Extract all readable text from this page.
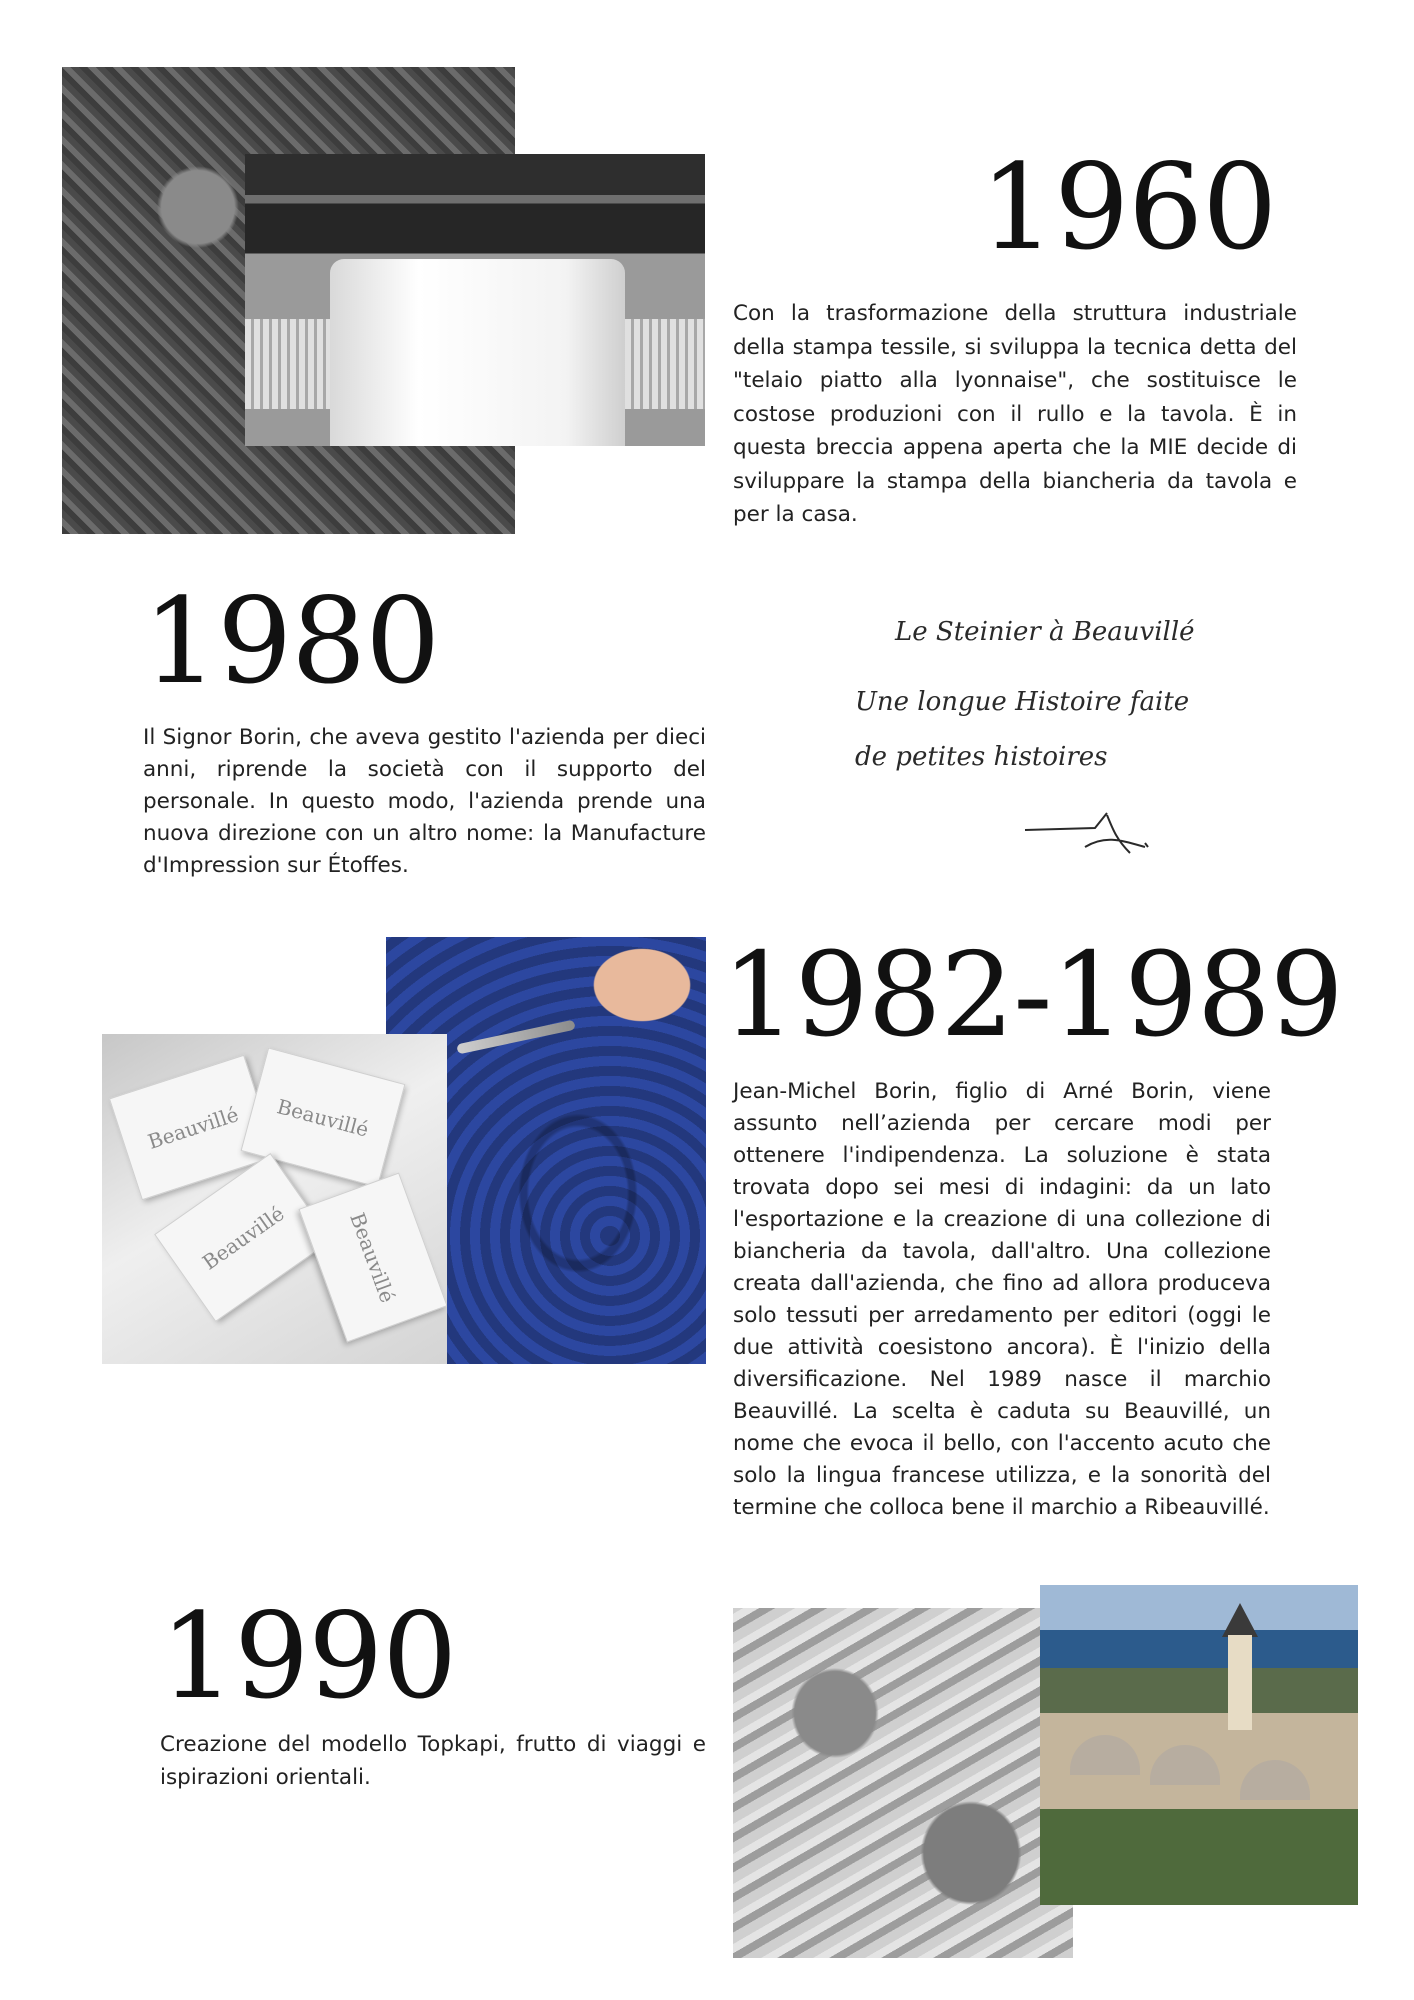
1960
Con la trasformazione della struttura industriale della stampa tessile, si sviluppa la tecnica detta del "telaio piatto alla lyonnaise", che sostituisce le costose produzioni con il rullo e la tavola. È in questa breccia appena aperta che la MIE decide di sviluppare la stampa della biancheria da tavola e per la casa.
1980
Il Signor Borin, che aveva gestito l'azienda per dieci anni, riprende la società con il supporto del personale. In questo modo, l'azienda prende una nuova direzione con un altro nome: la Manufacture d'Impression sur Étoffes.
Le Steinier à Beauvillé
Une longue Histoire faite
de petites histoires
Beauvillé	Beauvillé
Beauvillé	Beauvillé
1982-1989
Jean-Michel Borin, figlio di Arné Borin, viene assunto nell’azienda per cercare modi per ottenere l'indipendenza. La soluzione è stata trovata dopo sei mesi di indagini: da un lato l'esportazione e la creazione di una collezione di biancheria da tavola, dall'altro. Una collezione creata dall'azienda, che fino ad allora produceva solo tessuti per arredamento per editori (oggi le due attività coesistono ancora). È l'inizio della diversificazione. Nel 1989 nasce il marchio Beauvillé. La scelta è caduta su Beauvillé, un nome che evoca il bello, con l'accento acuto che solo la lingua francese utilizza, e la sonorità del termine che colloca bene il marchio a Ribeauvillé.
1990
Creazione del modello Topkapi, frutto di viaggi e ispirazioni orientali.
